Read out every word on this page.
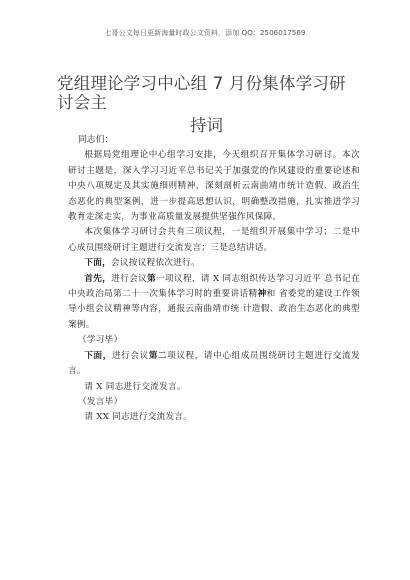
七哥公文每日更新海量时政公文资料，添加 QQ：2506017569
党组理论学习中心组 7 月份集体学习研讨会主
持词

同志们：

根据局党组理论中心组学习安排，今天组织召开集体学习研讨。本次研讨主题是，深入学习习近平总书记关于加强党的作风建设的重要论述和中央八项规定及其实施细则精神，深刻剖析云南曲靖市统计造假、政治生态恶化的典型案例，进一步提高思想认识，明确整改措施，扎实推进学习教育走深走实，为事业高质量发展提供坚强作风保障。

本次集体学习研讨会共有三项议程，一是组织开展集中学习；二是中心成员围绕研讨主题进行交流发言；三是总结讲话。

下面，会议按议程依次进行。

首先，进行会议第一项议程，请 X 同志组织传达学习习近平 总书记在中央政治局第二十一次集体学习时的重要讲话精神和 省委党的建设工作领导小组会议精神等内容，通报云南曲靖市统 计造假、政治生态恶化的典型案例。

（学习毕）

下面，进行会议第二项议程，请中心组成员围绕研讨主题进行交流发言。

请 X 同志进行交流发言。

（发言毕）

请 XX 同志进行交流发言。
